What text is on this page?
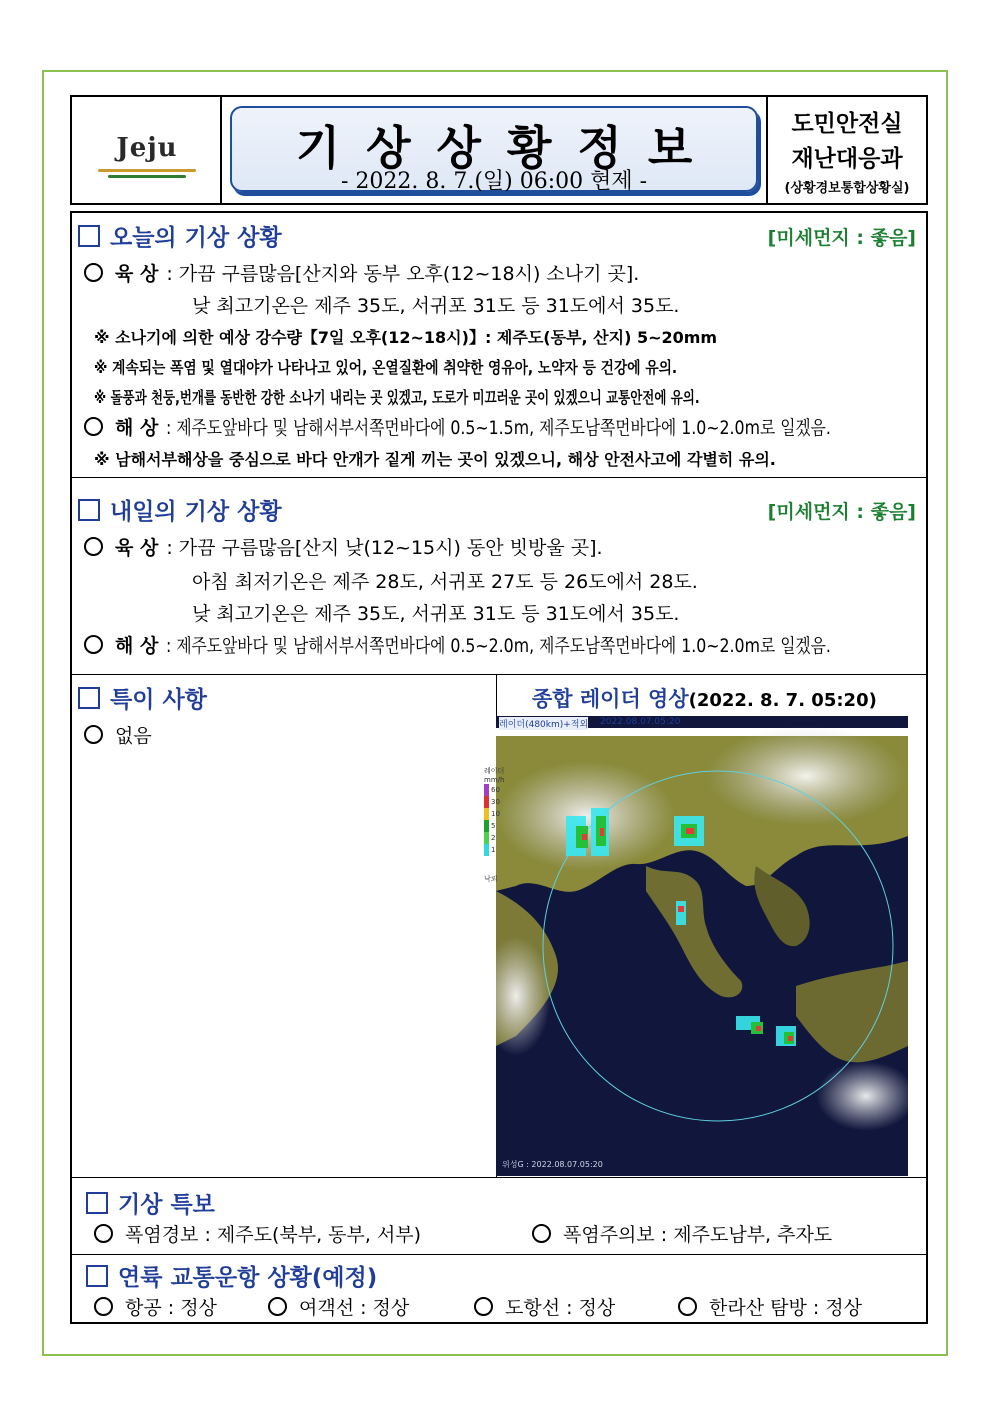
Jeju	기상상황정보
- 2022. 8. 7.(일) 06:00 현제 -
도민안전실
재난대응과
(상황경보통합상황실)
오늘의 기상 상황	[미세먼지 : 좋음]
육 상 : 가끔 구름많음[산지와 동부 오후(12~18시) 소나기 곳].
낮 최고기온은 제주 35도, 서귀포 31도 등 31도에서 35도.
※ 소나기에 의한 예상 강수량【7일 오후(12~18시)】: 제주도(동부, 산지) 5~20mm
※ 계속되는 폭염 및 열대야가 나타나고 있어, 온열질환에 취약한 영유아, 노약자 등 건강에 유의.
※ 돌풍과 천둥,번개를 동반한 강한 소나기 내리는 곳 있겠고, 도로가 미끄러운 곳이 있겠으니 교통안전에 유의.
해 상 : 제주도앞바다 및 남해서부서쪽먼바다에 0.5~1.5m, 제주도남쪽먼바다에 1.0~2.0m로 일겠음.
※ 남해서부해상을 중심으로 바다 안개가 짙게 끼는 곳이 있겠으니, 해상 안전사고에 각별히 유의.
내일의 기상 상황	[미세먼지 : 좋음]
육 상 : 가끔 구름많음[산지 낮(12~15시) 동안 빗방울 곳].
아침 최저기온은 제주 28도, 서귀포 27도 등 26도에서 28도.
낮 최고기온은 제주 35도, 서귀포 31도 등 31도에서 35도.
해 상 : 제주도앞바다 및 남해서부서쪽먼바다에 0.5~2.0m, 제주도남쪽먼바다에 1.0~2.0m로 일겠음.
특이 사항
없음
종합 레이더 영상(2022. 8. 7. 05:20)
레이더(480km)+적외 2022.08.07.05:20
위성G : 2022.08.07.05:20
레이더
mm/h
60
30
10
5
2
1
낙뢰
기상 특보
폭염경보 : 제주도(북부, 동부, 서부)	폭염주의보 : 제주도남부, 추자도
연륙 교통운항 상황(예정)
항공 : 정상	여객선 : 정상	도항선 : 정상	한라산 탐방 : 정상
